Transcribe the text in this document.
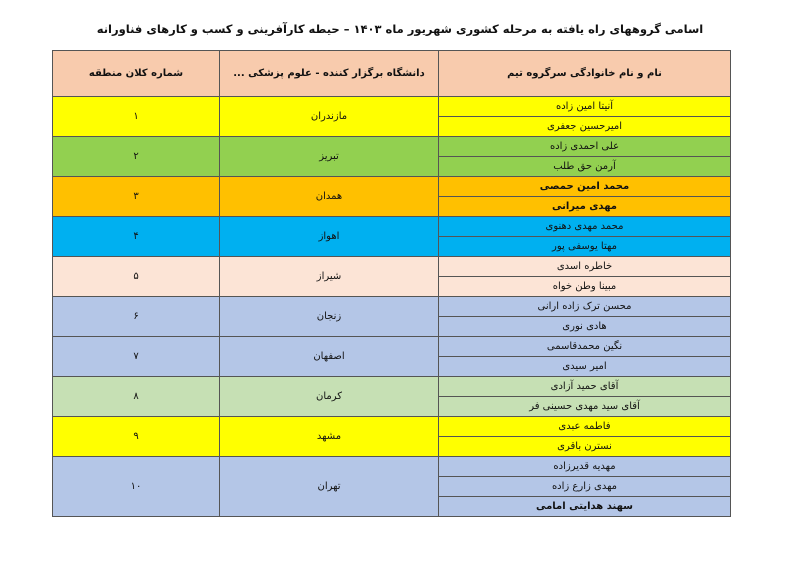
اسامی گروههای راه یافته به مرحله کشوری شهریور ماه ۱۴۰۳ – حیطه کارآفرینی و کسب و کارهای فناورانه
نام و نام خانوادگی سرگروه تیم	دانشگاه برگزار کننده - علوم پزشکی ...	شماره کلان منطقه
آنیتا امین زاده	مازندران	۱
امیرحسین جعفری		
علی احمدی زاده	تبریز	۲
آرمن حق طلب		
محمد امین حمصی	همدان	۳
مهدی میرانی		
محمد مهدی دهنوی	اهواز	۴
مهتا یوسفی پور		
خاطره اسدی	شیراز	۵
مبینا وطن خواه		
محسن ترک زاده ارانی	زنجان	۶
هادی نوری		
نگین محمدقاسمی	اصفهان	۷
امیر سیدی		
آقای حمید آزادی	کرمان	۸
آقای سید مهدی حسینی فر		
فاطمه عبدی	مشهد	۹
نسترن باقری		
مهدیه قدیرزاده	تهران	۱۰
مهدی زارع زاده		
سهند هدایتی امامی		
